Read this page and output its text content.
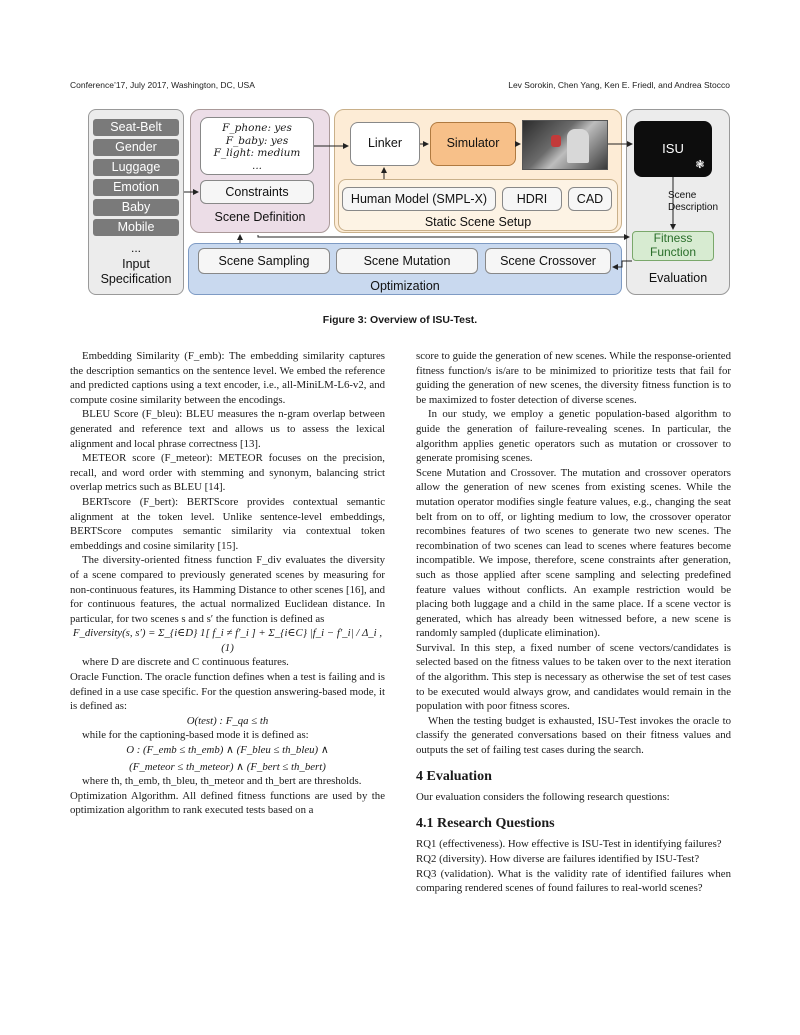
Conference’17, July 2017, Washington, DC, USA	Lev Sorokin, Chen Yang, Ken E. Friedl, and Andrea Stocco
Seat-Belt
Gender
Luggage
Emotion
Baby
Mobile
...
Input
Specification
F_phone: yes
F_baby: yes
F_light: medium
...
Constraints
Scene Definition
Linker	Simulator
Human Model (SMPL-X)	HDRI	CAD
Static Scene Setup
ISU
❃
Scene
Description
Fitness
Function
Evaluation
Scene Sampling	Scene Mutation	Scene Crossover
Optimization
Figure 3: Overview of ISU-Test.

Embedding Similarity (F_emb): The embedding similarity captures the description semantics on the sentence level. We embed the reference and predicted captions using a text encoder, i.e., all-MiniLM-L6-v2, and compute cosine similarity between the encodings.

BLEU Score (F_bleu): BLEU measures the n-gram overlap between generated and reference text and allows us to assess the lexical alignment and local phrase correctness [13].

METEOR score (F_meteor): METEOR focuses on the precision, recall, and word order with stemming and synonym, balancing strict overlap metrics such as BLEU [14].

BERTscore (F_bert): BERTScore provides contextual semantic alignment at the token level. Unlike sentence-level embeddings, BERTScore computes semantic similarity via contextual token embeddings and cosine similarity [15].

The diversity-oriented fitness function F_div evaluates the diversity of a scene compared to previously generated scenes by measuring for non-continuous features, its Hamming Distance to other scenes [16], and for continuous features, the actual normalized Euclidean distance. In particular, for two scenes s and s′ the function is defined as

F_diversity(s, s′) = Σ_{i∈D} 1[ f_i ≠ f′_i ] + Σ_{i∈C} |f_i − f′_i| / Δ_i , (1)

where D are discrete and C continuous features.

Oracle Function. The oracle function defines when a test is failing and is defined in a use case specific. For the question answering-based mode, it is defined as:

O(test) : F_qa ≤ th

while for the captioning-based mode it is defined as:

O : (F_emb ≤ th_emb) ∧ (F_bleu ≤ th_bleu) ∧

(F_meteor ≤ th_meteor) ∧ (F_bert ≤ th_bert)

where th, th_emb, th_bleu, th_meteor and th_bert are thresholds.

Optimization Algorithm. All defined fitness functions are used by the optimization algorithm to rank executed tests based on a

score to guide the generation of new scenes. While the response-oriented fitness function/s is/are to be minimized to prioritize tests that fail for guiding the generation of new scenes, the diversity fitness function is to be maximized to foster detection of diverse scenes.

In our study, we employ a genetic population-based algorithm to guide the generation of failure-revealing scenes. In particular, the algorithm applies genetic operators such as mutation or crossover to generate promising scenes.

Scene Mutation and Crossover. The mutation and crossover operators allow the generation of new scenes from existing scenes. While the mutation operator modifies single feature values, e.g., changing the seat belt from on to off, or lighting medium to low, the crossover operator recombines features of two scenes to generate two new scenes. The recombination of two scenes can lead to scenes where features become incompatible. We impose, therefore, scene constraints after generation, such as those applied after scene sampling and selecting predefined feature values without conflicts. An example restriction would be placing both luggage and a child in the same place. If a scene vector is generated, which has already been witnessed before, a new scene is randomly sampled (duplicate elimination).

Survival. In this step, a fixed number of scene vectors/candidates is selected based on the fitness values to be taken over to the next iteration of the algorithm. This step is necessary as otherwise the set of test cases to be executed would always grow, and candidates would remain in the population with poor fitness scores.

When the testing budget is exhausted, ISU-Test invokes the oracle to classify the generated conversations based on their fitness values and outputs the set of failing test cases during the search.

4 Evaluation

Our evaluation considers the following research questions:

4.1 Research Questions

RQ1 (effectiveness). How effective is ISU-Test in identifying failures?

RQ2 (diversity). How diverse are failures identified by ISU-Test?

RQ3 (validation). What is the validity rate of identified failures when comparing rendered scenes of found failures to real-world scenes?
